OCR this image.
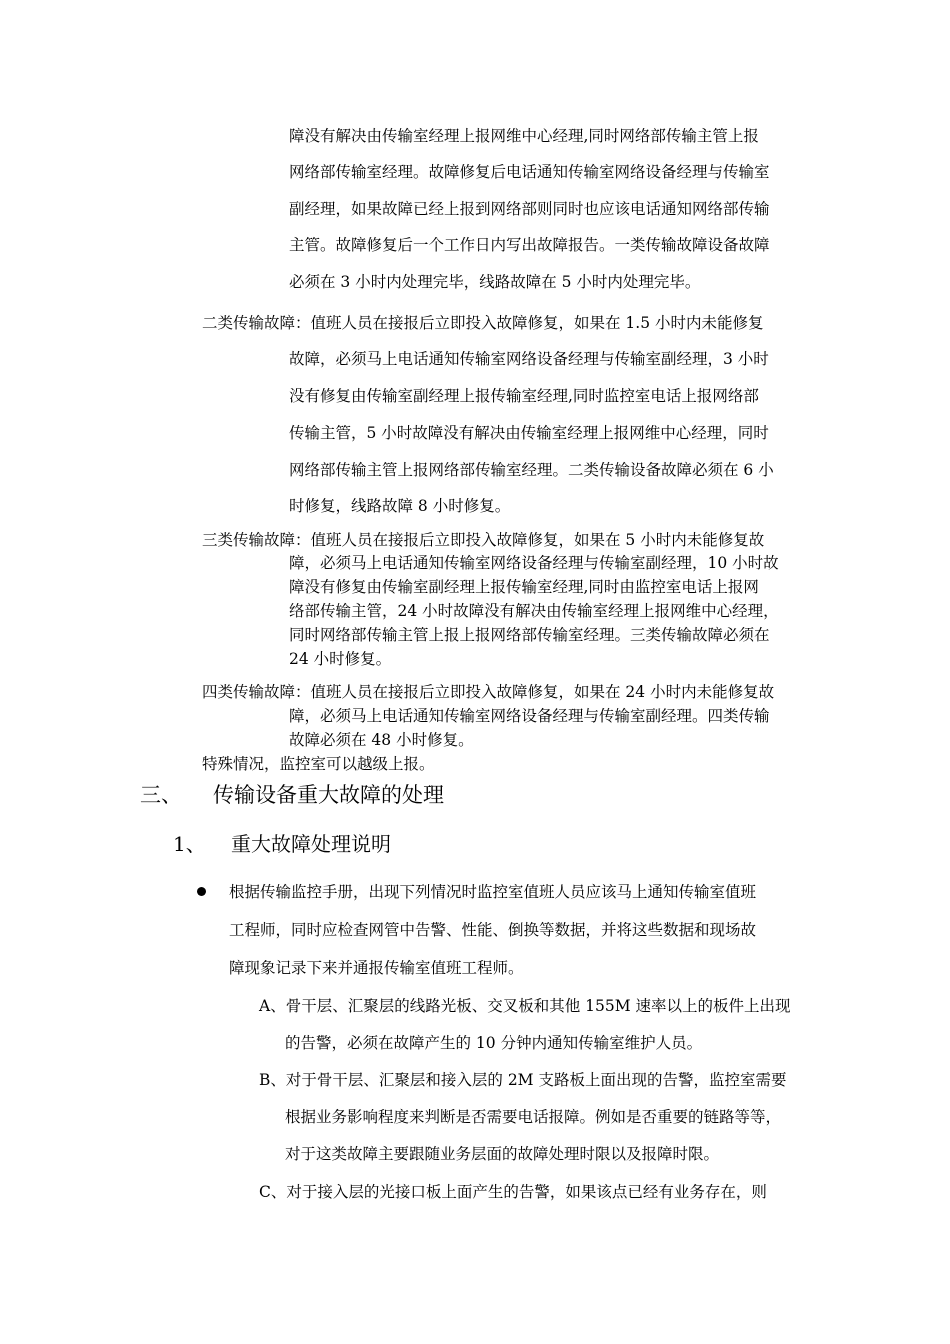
障没有解决由传输室经理上报网维中心经理,同时网络部传输主管上报
网络部传输室经理。故障修复后电话通知传输室网络设备经理与传输室
副经理，如果故障已经上报到网络部则同时也应该电话通知网络部传输
主管。故障修复后一个工作日内写出故障报告。一类传输故障设备故障
必须在 3 小时内处理完毕，线路故障在 5 小时内处理完毕。
二类传输故障：值班人员在接报后立即投入故障修复，如果在 1.5 小时内未能修复
故障，必须马上电话通知传输室网络设备经理与传输室副经理，3 小时
没有修复由传输室副经理上报传输室经理,同时监控室电话上报网络部
传输主管，5 小时故障没有解决由传输室经理上报网维中心经理，同时
网络部传输主管上报网络部传输室经理。二类传输设备故障必须在 6 小
时修复，线路故障 8 小时修复。
三类传输故障：值班人员在接报后立即投入故障修复，如果在 5 小时内未能修复故
障，必须马上电话通知传输室网络设备经理与传输室副经理，10 小时故
障没有修复由传输室副经理上报传输室经理,同时由监控室电话上报网
络部传输主管，24 小时故障没有解决由传输室经理上报网维中心经理，
同时网络部传输主管上报上报网络部传输室经理。三类传输故障必须在
24 小时修复。
四类传输故障：值班人员在接报后立即投入故障修复，如果在 24 小时内未能修复故
障，必须马上电话通知传输室网络设备经理与传输室副经理。四类传输
故障必须在 48 小时修复。
特殊情况，监控室可以越级上报。
三、 传输设备重大故障的处理
1、 重大故障处理说明
根据传输监控手册，出现下列情况时监控室值班人员应该马上通知传输室值班
工程师，同时应检查网管中告警、性能、倒换等数据，并将这些数据和现场故
障现象记录下来并通报传输室值班工程师。
A、骨干层、汇聚层的线路光板、交叉板和其他 155M 速率以上的板件上出现
的告警，必须在故障产生的 10 分钟内通知传输室维护人员。
B、对于骨干层、汇聚层和接入层的 2M 支路板上面出现的告警，监控室需要
根据业务影响程度来判断是否需要电话报障。例如是否重要的链路等等，
对于这类故障主要跟随业务层面的故障处理时限以及报障时限。
C、对于接入层的光接口板上面产生的告警，如果该点已经有业务存在，则
